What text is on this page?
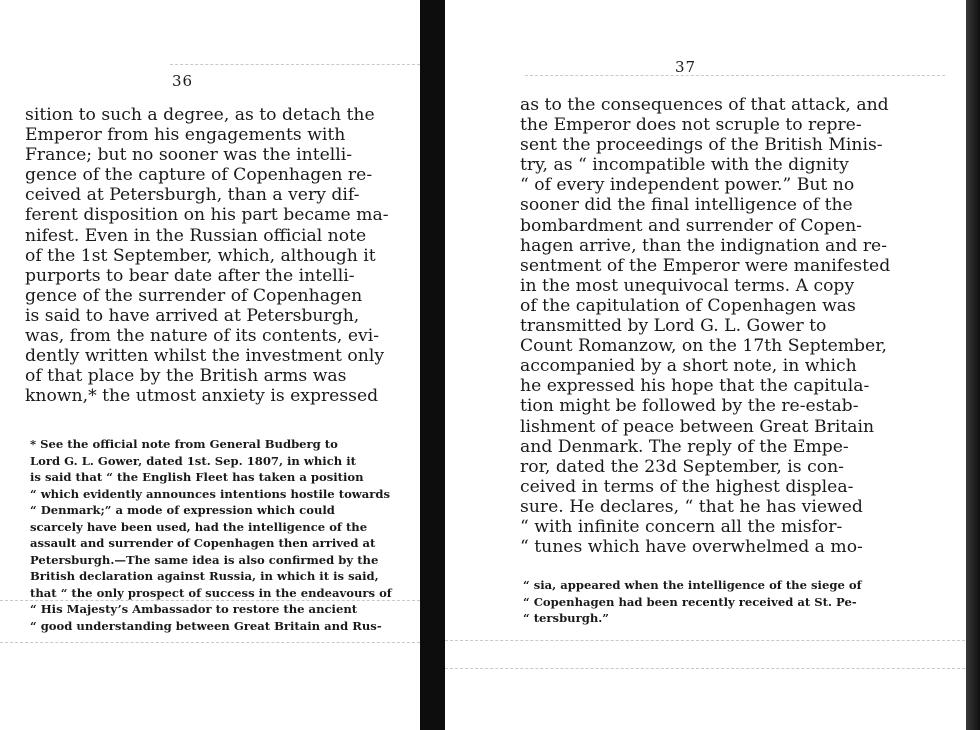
36
sition to such a degree, as to detach the
Emperor from his engagements with
France; but no sooner was the intelli-
gence of the capture of Copenhagen re-
ceived at Petersburgh, than a very dif-
ferent disposition on his part became ma-
nifest. Even in the Russian official note
of the 1st September, which, although it
purports to bear date after the intelli-
gence of the surrender of Copenhagen
is said to have arrived at Petersburgh,
was, from the nature of its contents, evi-
dently written whilst the investment only
of that place by the British arms was
known,* the utmost anxiety is expressed
* See the official note from General Budberg to
Lord G. L. Gower, dated 1st. Sep. 1807, in which it
is said that “ the English Fleet has taken a position
“ which evidently announces intentions hostile towards
“ Denmark;” a mode of expression which could
scarcely have been used, had the intelligence of the
assault and surrender of Copenhagen then arrived at
Petersburgh.—The same idea is also confirmed by the
British declaration against Russia, in which it is said,
that “ the only prospect of success in the endeavours of
“ His Majesty’s Ambassador to restore the ancient
“ good understanding between Great Britain and Rus-
37
as to the consequences of that attack, and
the Emperor does not scruple to repre-
sent the proceedings of the British Minis-
try, as “ incompatible with the dignity
“ of every independent power.” But no
sooner did the final intelligence of the
bombardment and surrender of Copen-
hagen arrive, than the indignation and re-
sentment of the Emperor were manifested
in the most unequivocal terms. A copy
of the capitulation of Copenhagen was
transmitted by Lord G. L. Gower to
Count Romanzow, on the 17th September,
accompanied by a short note, in which
he expressed his hope that the capitula-
tion might be followed by the re-estab-
lishment of peace between Great Britain
and Denmark. The reply of the Empe-
ror, dated the 23d September, is con-
ceived in terms of the highest displea-
sure. He declares, “ that he has viewed
“ with infinite concern all the misfor-
“ tunes which have overwhelmed a mo-
“ sia, appeared when the intelligence of the siege of
“ Copenhagen had been recently received at St. Pe-
“ tersburgh.”
